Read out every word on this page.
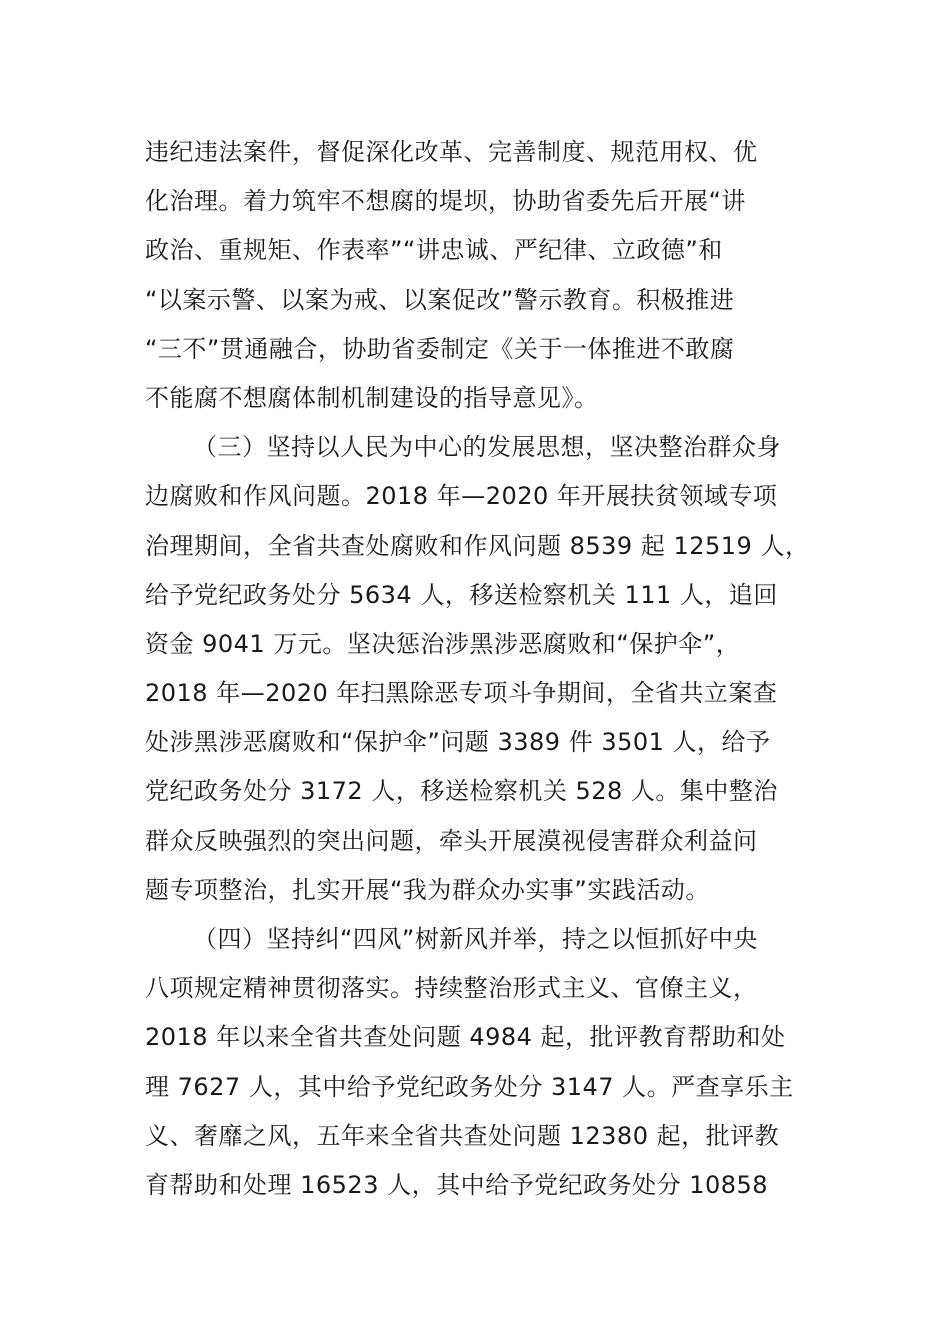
违纪违法案件，督促深化改革、完善制度、规范用权、优
化治理。着力筑牢不想腐的堤坝，协助省委先后开展“讲
政治、重规矩、作表率”“讲忠诚、严纪律、立政德”和
“以案示警、以案为戒、以案促改”警示教育。积极推进
“三不”贯通融合，协助省委制定《关于一体推进不敢腐
不能腐不想腐体制机制建设的指导意见》。
（三）坚持以人民为中心的发展思想，坚决整治群众身
边腐败和作风问题。2018 年—2020 年开展扶贫领域专项
治理期间，全省共查处腐败和作风问题 8539 起 12519 人，
给予党纪政务处分 5634 人，移送检察机关 111 人，追回
资金 9041 万元。坚决惩治涉黑涉恶腐败和“保护伞”，
2018 年—2020 年扫黑除恶专项斗争期间，全省共立案查
处涉黑涉恶腐败和“保护伞”问题 3389 件 3501 人，给予
党纪政务处分 3172 人，移送检察机关 528 人。集中整治
群众反映强烈的突出问题，牵头开展漠视侵害群众利益问
题专项整治，扎实开展“我为群众办实事”实践活动。
（四）坚持纠“四风”树新风并举，持之以恒抓好中央
八项规定精神贯彻落实。持续整治形式主义、官僚主义，
2018 年以来全省共查处问题 4984 起，批评教育帮助和处
理 7627 人，其中给予党纪政务处分 3147 人。严查享乐主
义、奢靡之风，五年来全省共查处问题 12380 起，批评教
育帮助和处理 16523 人，其中给予党纪政务处分 10858
